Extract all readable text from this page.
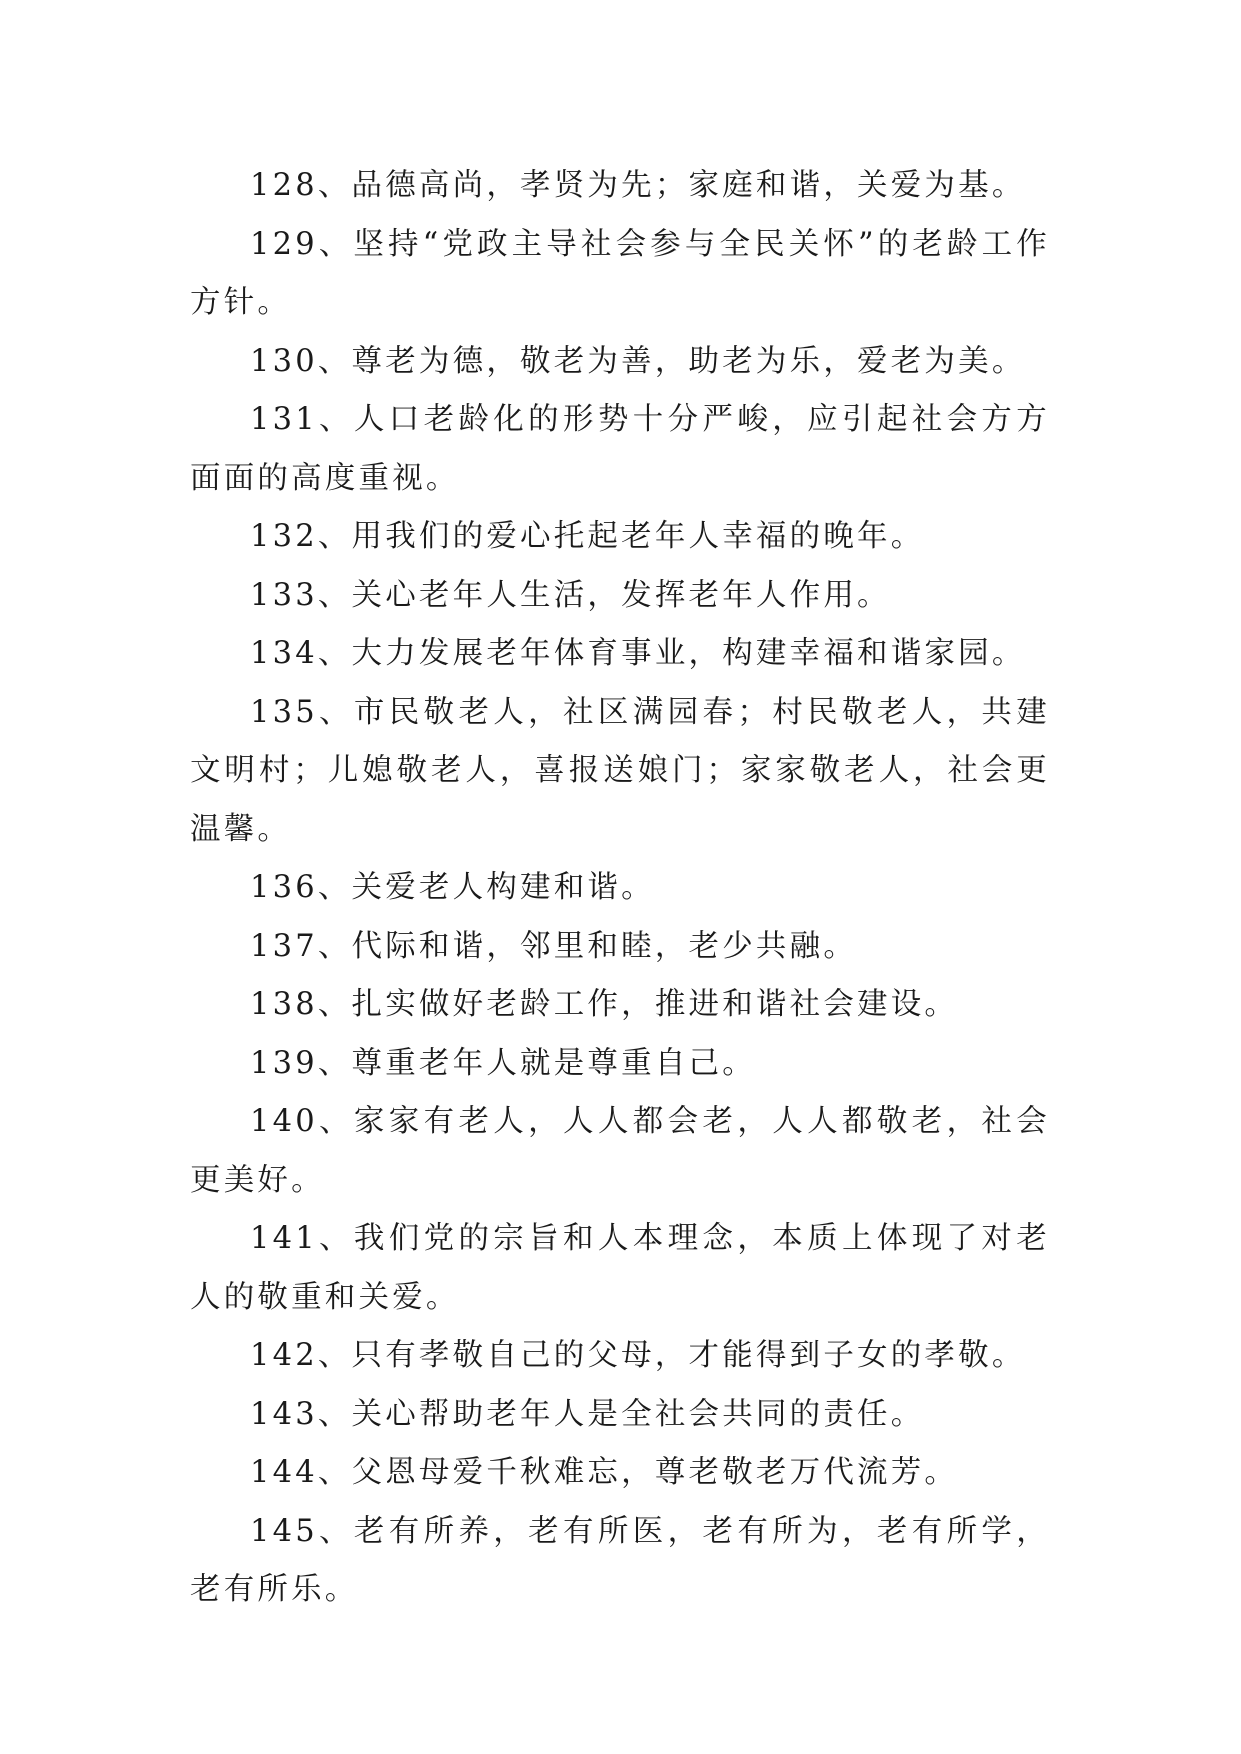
128、品德高尚，孝贤为先；家庭和谐，关爱为基。

129、坚持“党政主导社会参与全民关怀”的老龄工作方针。

130、尊老为德，敬老为善，助老为乐，爱老为美。

131、人口老龄化的形势十分严峻，应引起社会方方面面的高度重视。

132、用我们的爱心托起老年人幸福的晚年。

133、关心老年人生活，发挥老年人作用。

134、大力发展老年体育事业，构建幸福和谐家园。

135、市民敬老人，社区满园春；村民敬老人，共建文明村；儿媳敬老人，喜报送娘门；家家敬老人，社会更温馨。

136、关爱老人构建和谐。

137、代际和谐，邻里和睦，老少共融。

138、扎实做好老龄工作，推进和谐社会建设。

139、尊重老年人就是尊重自己。

140、家家有老人，人人都会老，人人都敬老，社会更美好。

141、我们党的宗旨和人本理念，本质上体现了对老人的敬重和关爱。

142、只有孝敬自己的父母，才能得到子女的孝敬。

143、关心帮助老年人是全社会共同的责任。

144、父恩母爱千秋难忘，尊老敬老万代流芳。

145、老有所养，老有所医，老有所为，老有所学，老有所乐。
